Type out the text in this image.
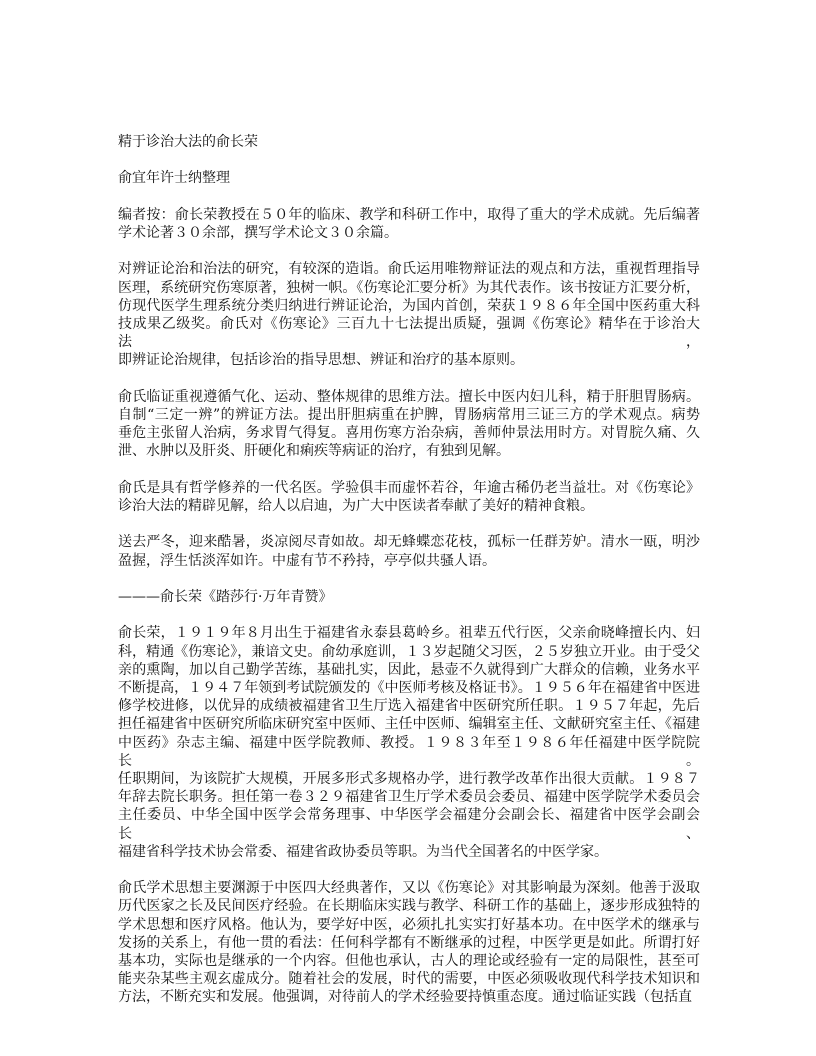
精于诊治大法的俞长荣
俞宜年许士纳整理
编者按：俞长荣教授在５０年的临床、教学和科研工作中，取得了重大的学术成就。先后编著
学术论著３０余部，撰写学术论文３０余篇。
对辨证论治和治法的研究，有较深的造诣。俞氏运用唯物辩证法的观点和方法，重视哲理指导
医理，系统研究伤寒原著，独树一帜。《伤寒论汇要分析》为其代表作。该书按证方汇要分析，
仿现代医学生理系统分类归纳进行辨证论治，为国内首创，荣获１９８６年全国中医药重大科
技成果乙级奖。俞氏对《伤寒论》三百九十七法提出质疑，强调《伤寒论》精华在于诊治大法，
即辨证论治规律，包括诊治的指导思想、辨证和治疗的基本原则。
俞氏临证重视遵循气化、运动、整体规律的思维方法。擅长中医内妇儿科，精于肝胆胃肠病。
自制“三定一辨”的辨证方法。提出肝胆病重在护脾，胃肠病常用三证三方的学术观点。病势
垂危主张留人治病，务求胃气得复。喜用伤寒方治杂病，善师仲景法用时方。对胃脘久痛、久
泄、水肿以及肝炎、肝硬化和痢疾等病证的治疗，有独到见解。
俞氏是具有哲学修养的一代名医。学验俱丰而虚怀若谷，年逾古稀仍老当益壮。对《伤寒论》
诊治大法的精辟见解，给人以启迪，为广大中医读者奉献了美好的精神食粮。
送去严冬，迎来酷暑，炎凉阅尽青如故。却无蜂蝶恋花枝，孤标一任群芳妒。清水一瓯，明沙
盈握，浮生恬淡浑如许。中虚有节不矜持，亭亭似共骚人语。
———俞长荣《踏莎行·万年青赞》
俞长荣，１９１９年８月出生于福建省永泰县葛岭乡。祖辈五代行医，父亲俞晓峰擅长内、妇
科，精通《伤寒论》，兼谙文史。俞幼承庭训，１３岁起随父习医，２５岁独立开业。由于受父
亲的熏陶，加以自己勤学苦练，基础扎实，因此，悬壶不久就得到广大群众的信赖，业务水平
不断提高，１９４７年领到考试院颁发的《中医师考核及格证书》。１９５６年在福建省中医进
修学校进修，以优异的成绩被福建省卫生厅选入福建省中医研究所任职。１９５７年起，先后
担任福建省中医研究所临床研究室中医师、主任中医师、编辑室主任、文献研究室主任、《福建
中医药》杂志主编、福建中医学院教师、教授。１９８３年至１９８６年任福建中医学院院长。
任职期间，为该院扩大规模，开展多形式多规格办学，进行教学改革作出很大贡献。１９８７
年辞去院长职务。担任第一卷３２９福建省卫生厅学术委员会委员、福建中医学院学术委员会
主任委员、中华全国中医学会常务理事、中华医学会福建分会副会长、福建省中医学会副会长、
福建省科学技术协会常委、福建省政协委员等职。为当代全国著名的中医学家。
俞氏学术思想主要渊源于中医四大经典著作，又以《伤寒论》对其影响最为深刻。他善于汲取
历代医家之长及民间医疗经验。在长期临床实践与教学、科研工作的基础上，逐步形成独特的
学术思想和医疗风格。他认为，要学好中医，必须扎扎实实打好基本功。在中医学术的继承与
发扬的关系上，有他一贯的看法：任何科学都有不断继承的过程，中医学更是如此。所谓打好
基本功，实际也是继承的一个内容。但他也承认，古人的理论或经验有一定的局限性，甚至可
能夹杂某些主观玄虚成分。随着社会的发展，时代的需要，中医必须吸收现代科学技术知识和
方法，不断充实和发展。他强调，对待前人的学术经验要持慎重态度。通过临证实践（包括直
